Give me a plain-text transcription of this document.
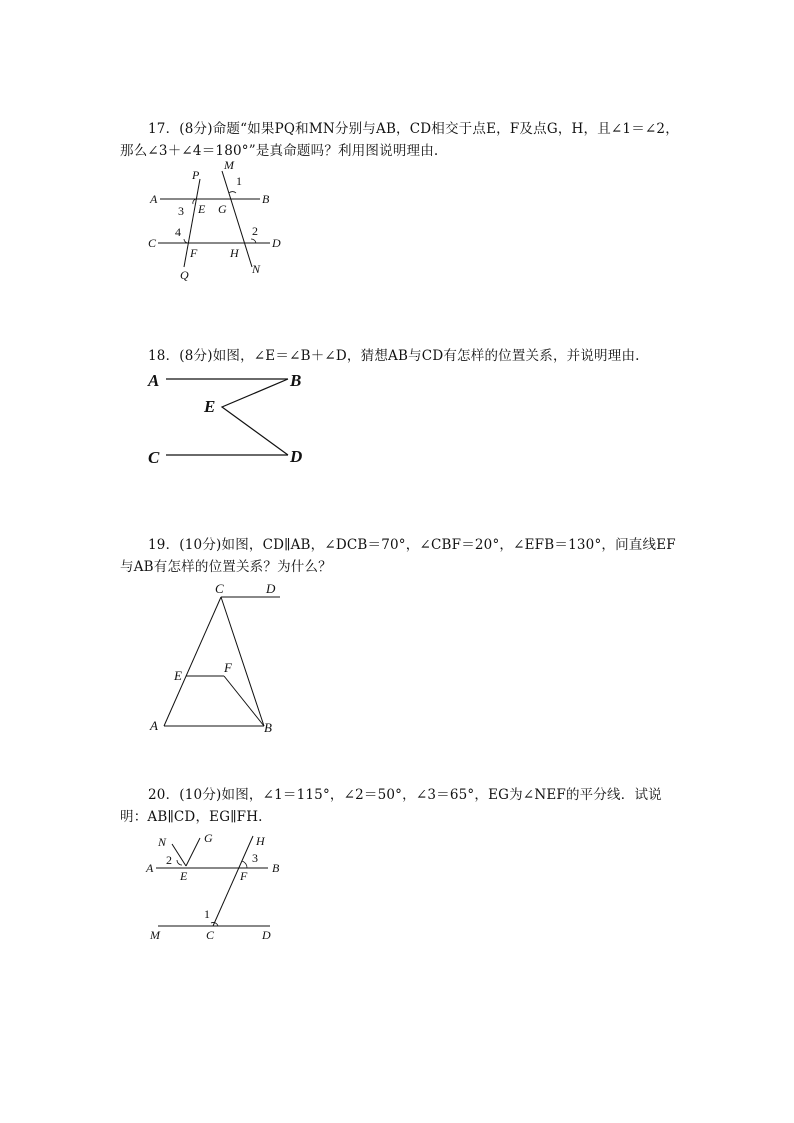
17．(8分)命题“如果PQ和MN分别与AB，CD相交于点E，F及点G，H，且∠1＝∠2，那么∠3＋∠4＝180°”是真命题吗？利用图说明理由.
P
M
1
A
3 E G
B
C
4	2
D
F	H
Q	N
18．(8分)如图，∠E＝∠B＋∠D，猜想AB与CD有怎样的位置关系，并说明理由.
A	B
E
C	D
19．(10分)如图，CD∥AB，∠DCB＝70°，∠CBF＝20°，∠EFB＝130°，问直线EF与AB有怎样的位置关系？为什么？
C	D
E
F
A	B
20．(10分)如图，∠1＝115°，∠2＝50°，∠3＝65°，EG为∠NEF的平分线．试说明：AB∥CD，EG∥FH.
N	G	H
2	3
A
E	F
B
1
M	C	D
